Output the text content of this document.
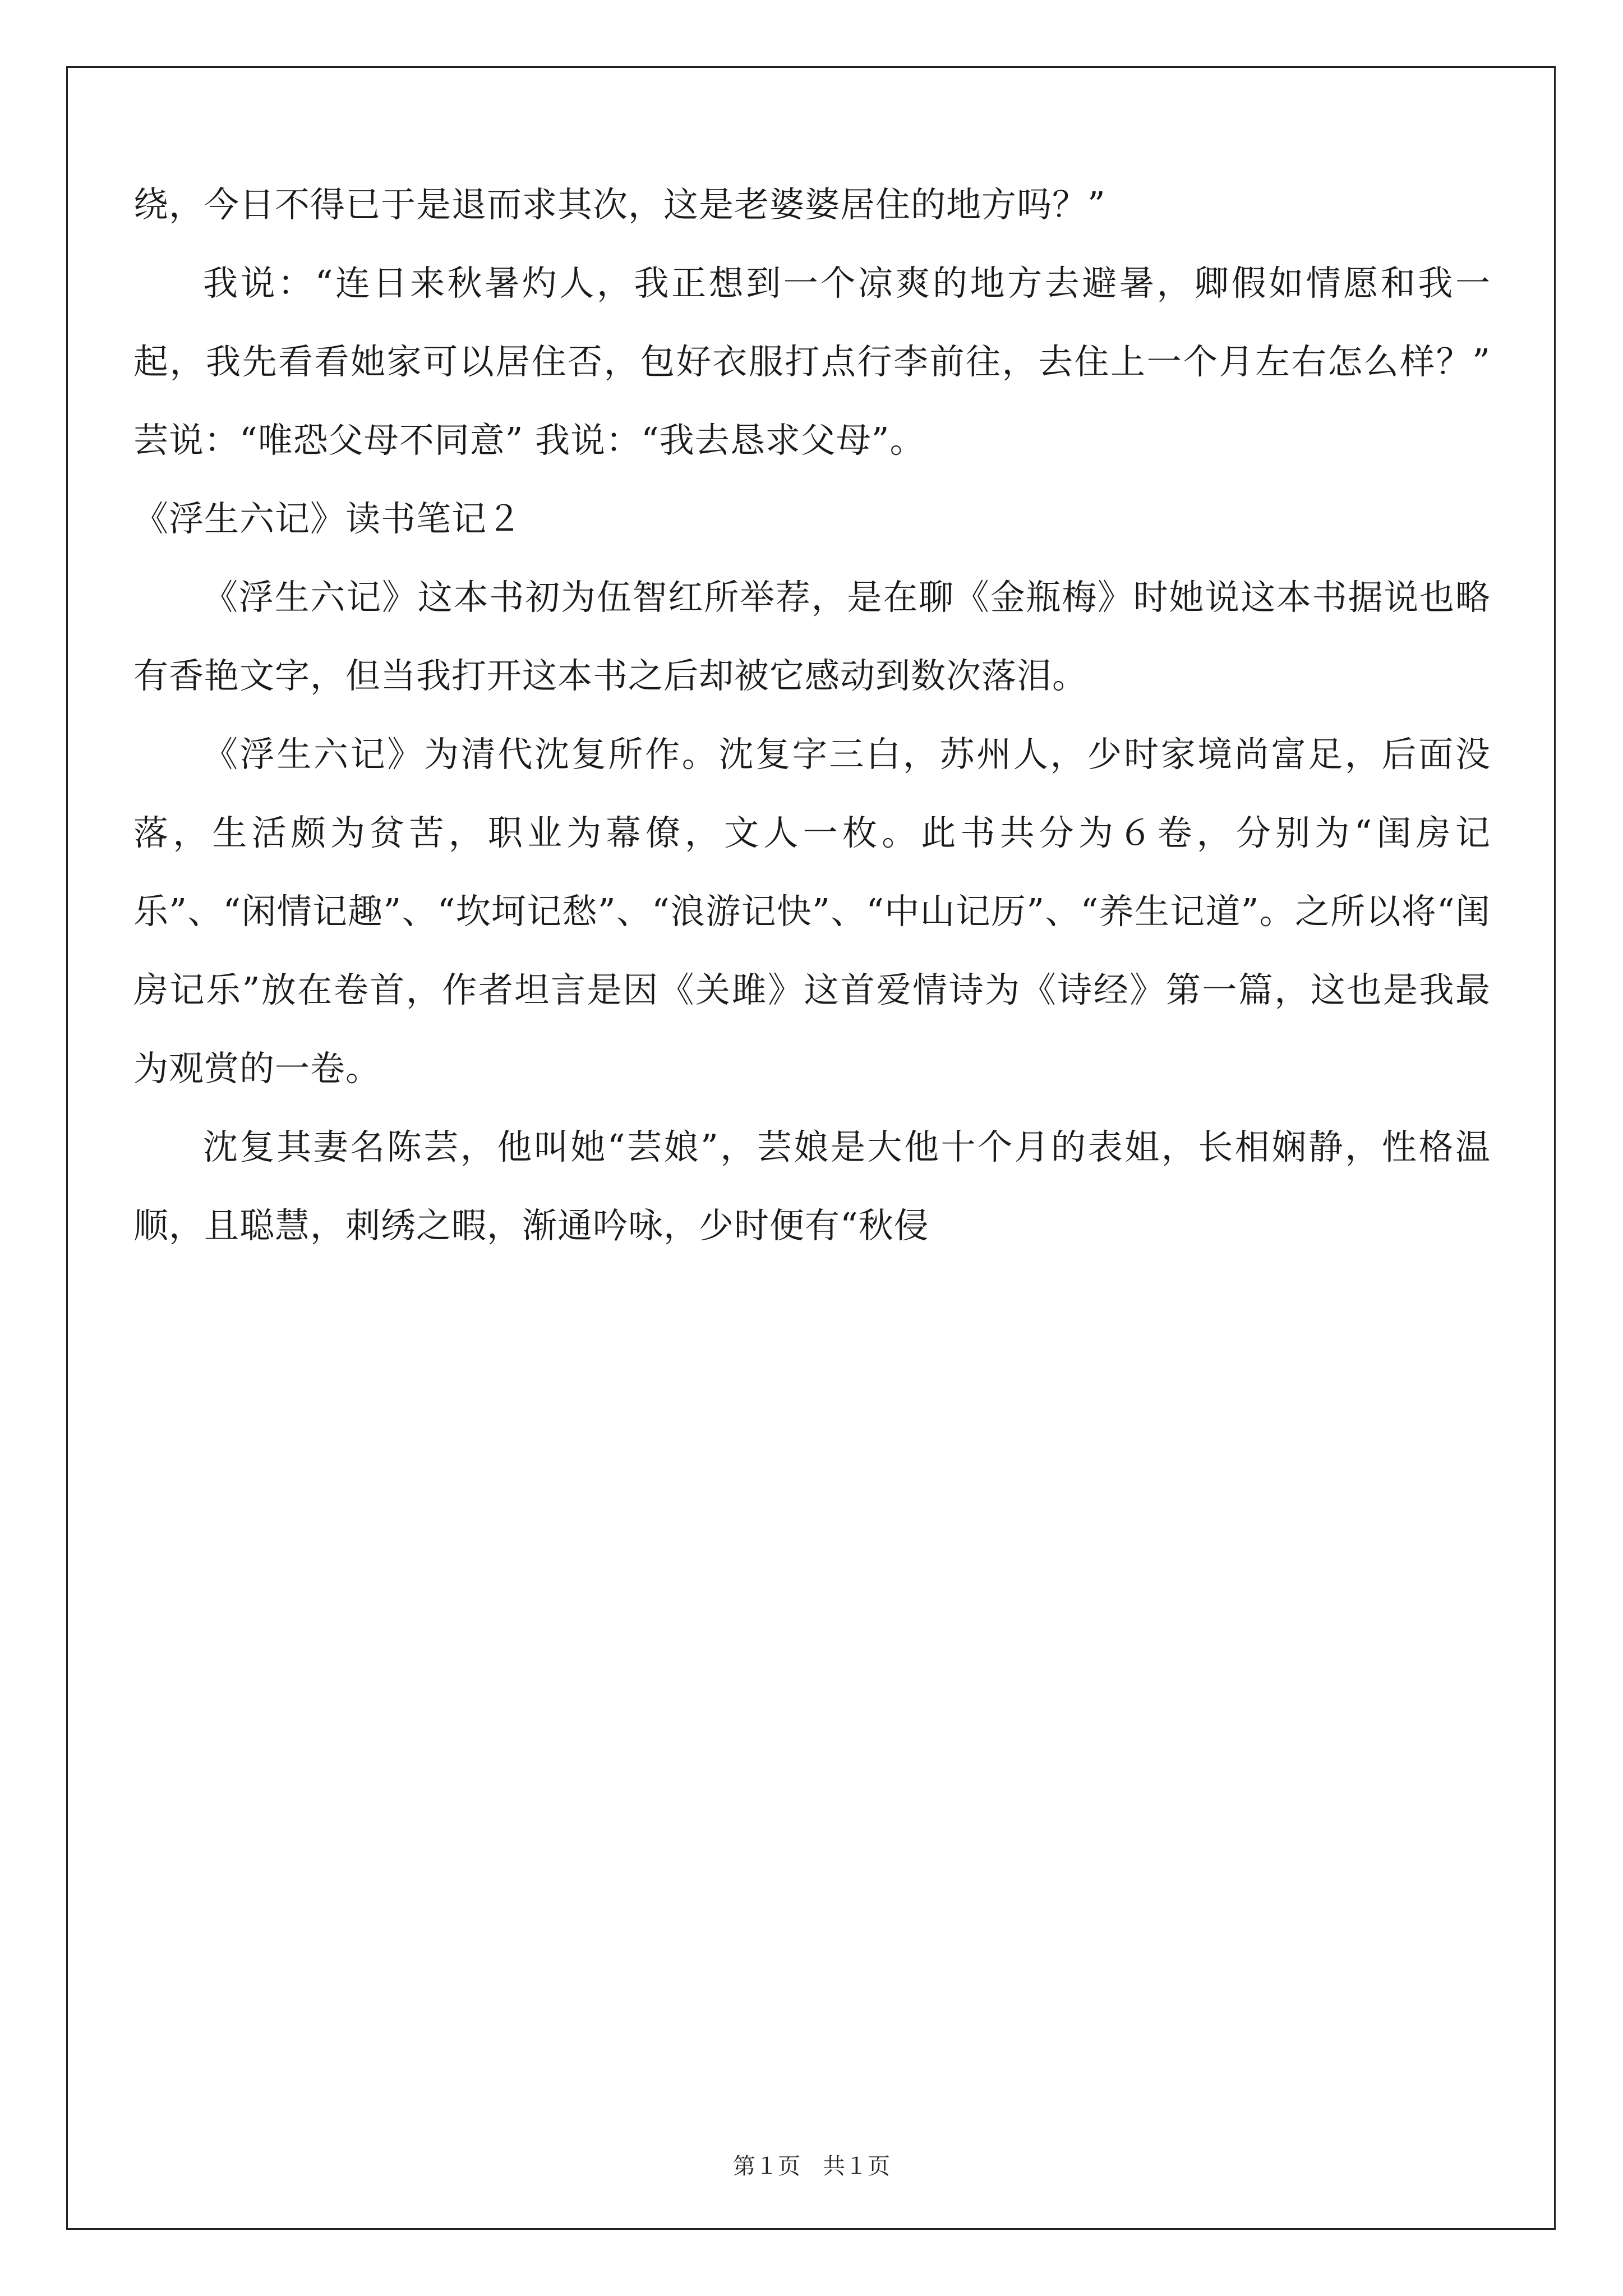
绕，今日不得已于是退而求其次，这是老婆婆居住的地方吗？”

我说：“连日来秋暑灼人，我正想到一个凉爽的地方去避暑，卿假如情愿和我一起，我先看看她家可以居住否，包好衣服打点行李前往，去住上一个月左右怎么样？” 芸说：“唯恐父母不同意” 我说：“我去恳求父母”。

《浮生六记》读书笔记２

《浮生六记》这本书初为伍智红所举荐，是在聊《金瓶梅》时她说这本书据说也略有香艳文字，但当我打开这本书之后却被它感动到数次落泪。

《浮生六记》为清代沈复所作。沈复字三白，苏州人，少时家境尚富足，后面没落，生活颇为贫苦，职业为幕僚，文人一枚。此书共分为６卷，分别为“闺房记乐”、“闲情记趣”、“坎坷记愁”、“浪游记快”、“中山记历”、“养生记道”。之所以将“闺房记乐”放在卷首，作者坦言是因《关雎》这首爱情诗为《诗经》第一篇，这也是我最为观赏的一卷。

沈复其妻名陈芸，他叫她“芸娘”，芸娘是大他十个月的表姐，长相娴静，性格温顺，且聪慧，刺绣之暇，渐通吟咏，少时便有“秋侵

第１页　共１页
